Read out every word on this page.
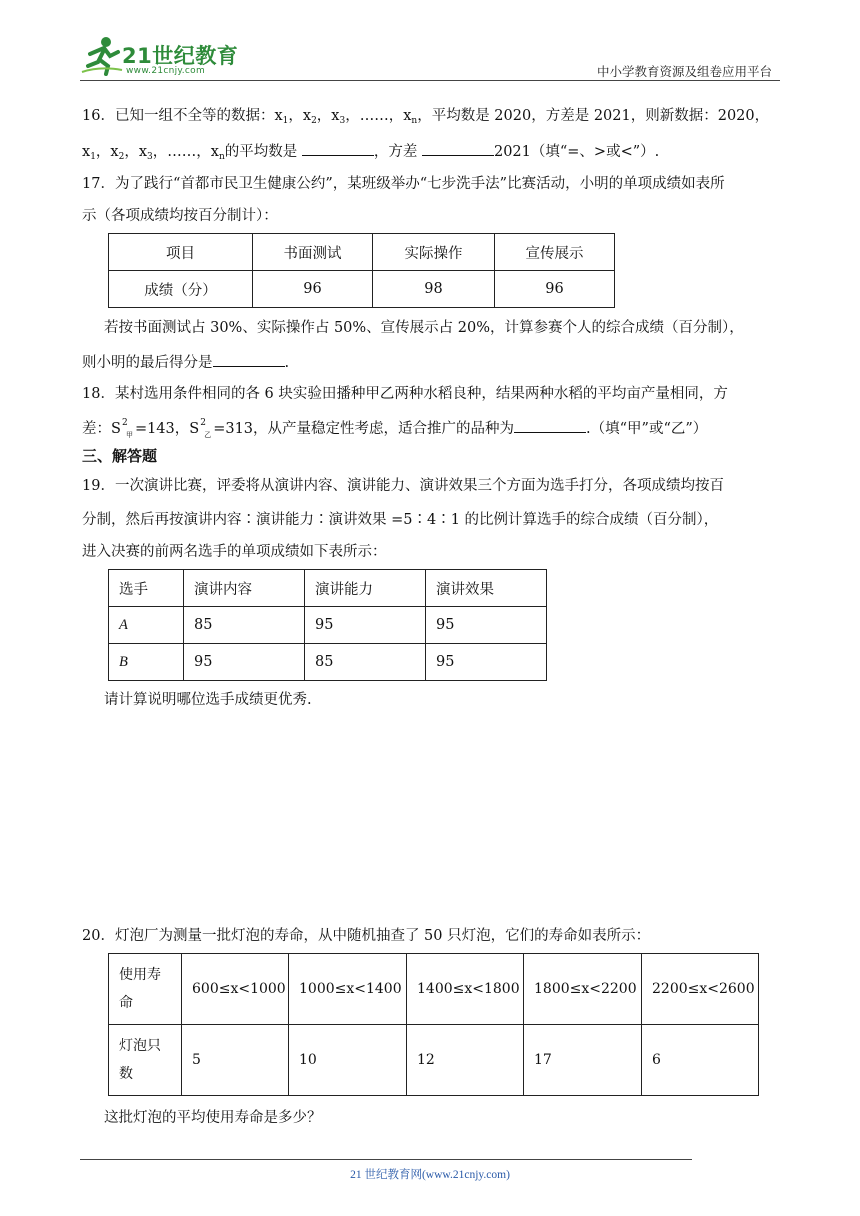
21世纪教育
www.21cnjy.com	中小学教育资源及组卷应用平台
16．已知一组不全等的数据：$x_1$，$x_2$，$x_3$，……，$x_n$，平均数是 2020，方差是 2021，则新数据：2020，
$x_1$，$x_2$，$x_3$，……，$x_n$的平均数是	，方差	2021（填“=、>或<”）.
17．为了践行“首都市民卫生健康公约”，某班级举办“七步洗手法”比赛活动，小明的单项成绩如表所
示（各项成绩均按百分制计）：
项目	书面测试	实际操作	宣传展示
成绩（分）	96	98	96
若按书面测试占 30%、实际操作占 50%、宣传展示占 20%，计算参赛个人的综合成绩（百分制），
则小明的最后得分是	.
18．某村选用条件相同的各 6 块实验田播种甲乙两种水稻良种，结果两种水稻的平均亩产量相同，方
差：S 2
甲 =143，S 2
乙 =313，从产量稳定性考虑，适合推广的品种为	.（填“甲”或“乙”）
三、解答题
19．一次演讲比赛，评委将从演讲内容、演讲能力、演讲效果三个方面为选手打分，各项成绩均按百
分制，然后再按演讲内容∶演讲能力∶演讲效果 =5∶4∶1 的比例计算选手的综合成绩（百分制），
进入决赛的前两名选手的单项成绩如下表所示：
选手	演讲内容	演讲能力	演讲效果
A	85	95	95
B	95	85	95
请计算说明哪位选手成绩更优秀.
20．灯泡厂为测量一批灯泡的寿命，从中随机抽查了 50 只灯泡，它们的寿命如表所示：
使用寿
命	600≤x<1000	1000≤x<1400	1400≤x<1800	1800≤x<2200	2200≤x<2600
灯泡只
数	5	10	12	17	6
这批灯泡的平均使用寿命是多少？
21 世纪教育网(www.21cnjy.com)
